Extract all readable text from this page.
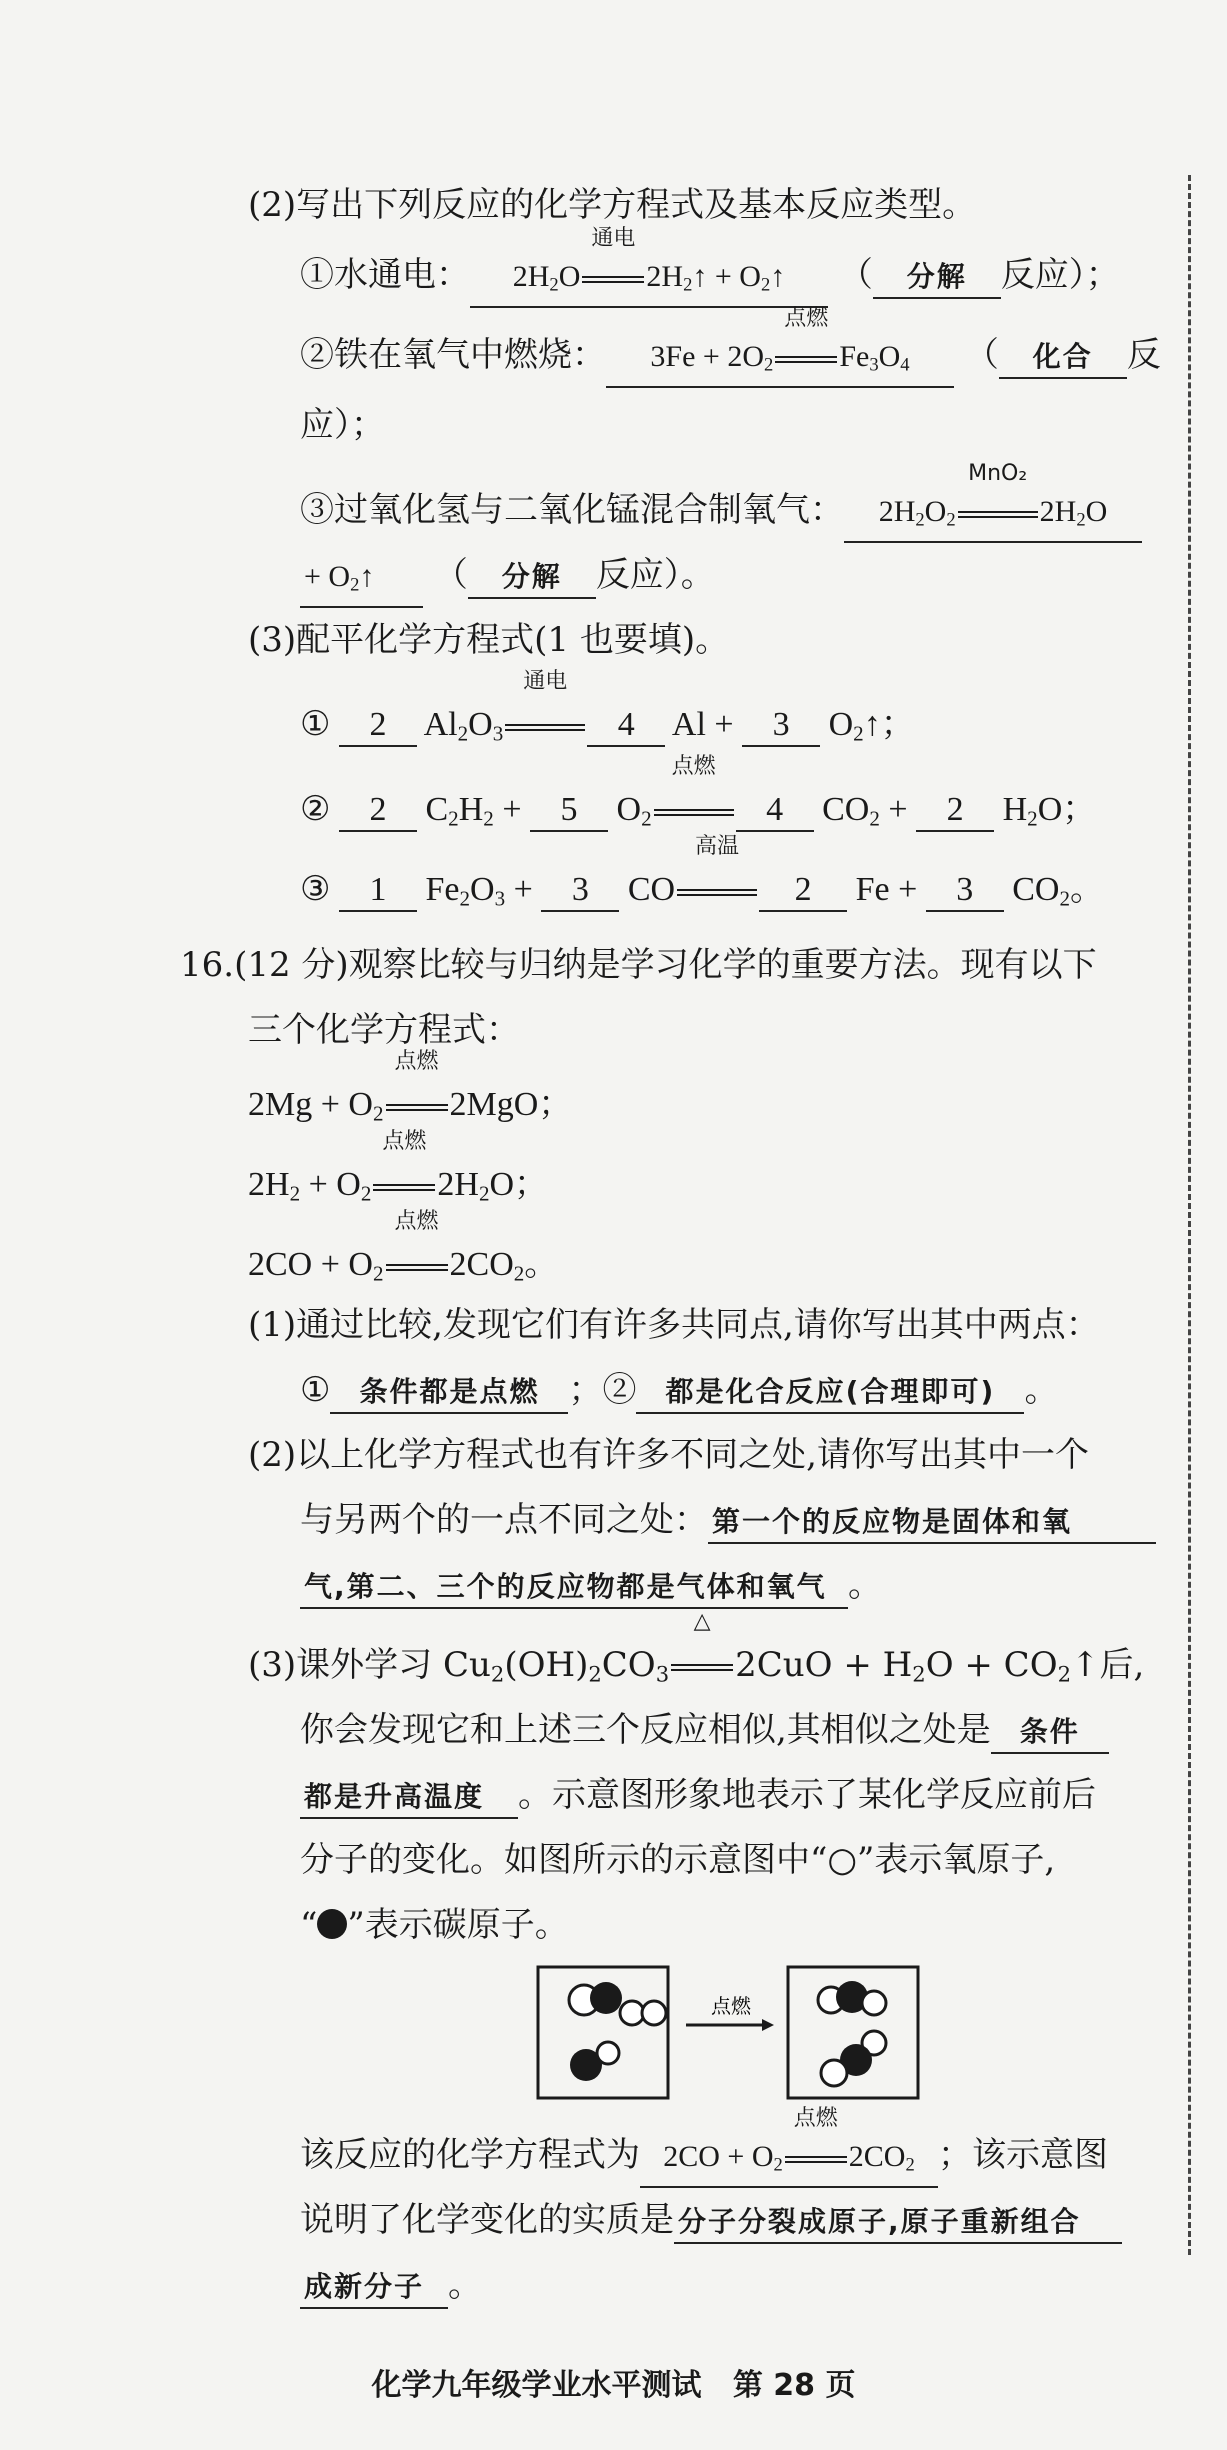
(2)写出下列反应的化学方程式及基本反应类型。
①水通电： $2H_2O$
通电
$2H_2↑$ + $O_2↑$ （ 分解 反应）；
②铁在氧气中燃烧： $3Fe + 2O_2$
点燃
$Fe_3O_4$ （ 化合 反
应）；
③过氧化氢与二氧化锰混合制氧气： $2H_2O_2$
MnO₂
$2H_2O$
+ $O_2↑$ （ 分解 反应）。
(3)配平化学方程式(1 也要填)。
① 2 $Al_2O_3$
通电
4 Al + 3 $O_2↑$；
② 2 $C_2H_2 + 5$ $O_2$
点燃
4 $CO_2 + 2$ $H_2O$；
③ 1 $Fe_2O_3 + 3$ CO
高温
2 Fe + 3 $CO_2$。
16.(12 分)观察比较与归纳是学习化学的重要方法。现有以下
三个化学方程式：
$2Mg + O_2$
点燃
2MgO；
$2H_2 + O_2$
点燃
$2H_2O$；
$2CO + O_2$
点燃
$2CO_2$。
(1)通过比较,发现它们有许多共同点,请你写出其中两点：
① 条件都是点燃 ；② 都是化合反应(合理即可) 。
(2)以上化学方程式也有许多不同之处,请你写出其中一个
与另两个的一点不同之处： 第一个的反应物是固体和氧
气,第二、三个的反应物都是气体和氧气 。
(3)课外学习 $Cu_2(OH)_2CO_3$
△
$2CuO + H_2O$ + $CO_2↑$后,
你会发现它和上述三个反应相似,其相似之处是 条件
都是升高温度 。示意图形象地表示了某化学反应前后
分子的变化。如图所示的示意图中“○”表示氧原子,
“ ”表示碳原子。
点燃
该反应的化学方程式为 $2CO + O_2$
点燃
$2CO_2$ ；该示意图
说明了化学变化的实质是 分子分裂成原子,原子重新组合
成新分子 。
化学九年级学业水平测试 第 28 页
